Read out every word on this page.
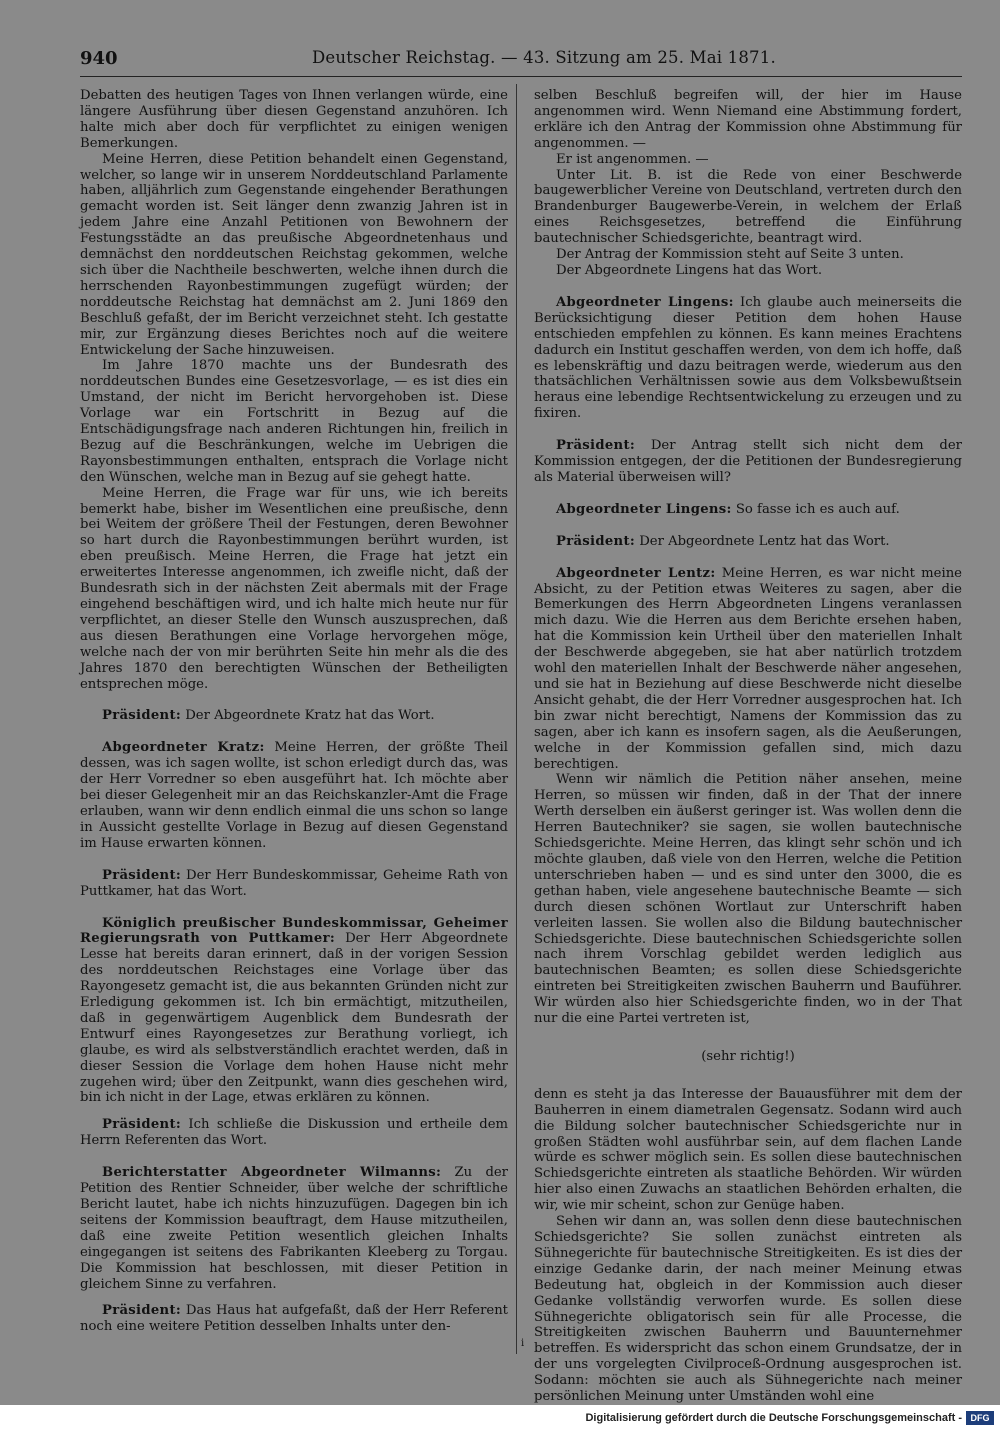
940	Deutscher Reichstag. — 43. Sitzung am 25. Mai 1871.

Debatten des heutigen Tages von Ihnen verlangen würde, eine längere Ausführung über diesen Gegenstand anzuhören. Ich halte mich aber doch für verpflichtet zu einigen wenigen Bemerkungen.

Meine Herren, diese Petition behandelt einen Gegenstand, welcher, so lange wir in unserem Norddeutschland Parlamente haben, alljährlich zum Gegenstande eingehender Berathungen gemacht worden ist. Seit länger denn zwanzig Jahren ist in jedem Jahre eine Anzahl Petitionen von Bewohnern der Festungsstädte an das preußische Abgeordnetenhaus und demnächst den norddeutschen Reichstag gekommen, welche sich über die Nachtheile beschwerten, welche ihnen durch die herrschenden Rayonbestimmungen zugefügt würden; der norddeutsche Reichstag hat demnächst am 2. Juni 1869 den Beschluß gefaßt, der im Bericht verzeichnet steht. Ich gestatte mir, zur Ergänzung dieses Berichtes noch auf die weitere Entwickelung der Sache hinzuweisen.

Im Jahre 1870 machte uns der Bundesrath des norddeutschen Bundes eine Gesetzesvorlage, — es ist dies ein Umstand, der nicht im Bericht hervorgehoben ist. Diese Vorlage war ein Fortschritt in Bezug auf die Entschädigungsfrage nach anderen Richtungen hin, freilich in Bezug auf die Beschränkungen, welche im Uebrigen die Rayonsbestimmungen enthalten, entsprach die Vorlage nicht den Wünschen, welche man in Bezug auf sie gehegt hatte.

Meine Herren, die Frage war für uns, wie ich bereits bemerkt habe, bisher im Wesentlichen eine preußische, denn bei Weitem der größere Theil der Festungen, deren Bewohner so hart durch die Rayonbestimmungen berührt wurden, ist eben preußisch. Meine Herren, die Frage hat jetzt ein erweitertes Interesse angenommen, ich zweifle nicht, daß der Bundesrath sich in der nächsten Zeit abermals mit der Frage eingehend beschäftigen wird, und ich halte mich heute nur für verpflichtet, an dieser Stelle den Wunsch auszusprechen, daß aus diesen Berathungen eine Vorlage hervorgehen möge, welche nach der von mir berührten Seite hin mehr als die des Jahres 1870 den berechtigten Wünschen der Betheiligten entsprechen möge.

Präsident: Der Abgeordnete Kratz hat das Wort.

Abgeordneter Kratz: Meine Herren, der größte Theil dessen, was ich sagen wollte, ist schon erledigt durch das, was der Herr Vorredner so eben ausgeführt hat. Ich möchte aber bei dieser Gelegenheit mir an das Reichskanzler-Amt die Frage erlauben, wann wir denn endlich einmal die uns schon so lange in Aussicht gestellte Vorlage in Bezug auf diesen Gegenstand im Hause erwarten können.

Präsident: Der Herr Bundeskommissar, Geheime Rath von Puttkamer, hat das Wort.

Königlich preußischer Bundeskommissar, Geheimer Regierungsrath von Puttkamer: Der Herr Abgeordnete Lesse hat bereits daran erinnert, daß in der vorigen Session des norddeutschen Reichstages eine Vorlage über das Rayongesetz gemacht ist, die aus bekannten Gründen nicht zur Erledigung gekommen ist. Ich bin ermächtigt, mitzutheilen, daß in gegenwärtigem Augenblick dem Bundesrath der Entwurf eines Rayongesetzes zur Berathung vorliegt, ich glaube, es wird als selbstverständlich erachtet werden, daß in dieser Session die Vorlage dem hohen Hause nicht mehr zugehen wird; über den Zeitpunkt, wann dies geschehen wird, bin ich nicht in der Lage, etwas erklären zu können.

Präsident: Ich schließe die Diskussion und ertheile dem Herrn Referenten das Wort.

Berichterstatter Abgeordneter Wilmanns: Zu der Petition des Rentier Schneider, über welche der schriftliche Bericht lautet, habe ich nichts hinzuzufügen. Dagegen bin ich seitens der Kommission beauftragt, dem Hause mitzutheilen, daß eine zweite Petition wesentlich gleichen Inhalts eingegangen ist seitens des Fabrikanten Kleeberg zu Torgau. Die Kommission hat beschlossen, mit dieser Petition in gleichem Sinne zu verfahren.

Präsident: Das Haus hat aufgefaßt, daß der Herr Referent noch eine weitere Petition desselben Inhalts unter den-

selben Beschluß begreifen will, der hier im Hause angenommen wird. Wenn Niemand eine Abstimmung fordert, erkläre ich den Antrag der Kommission ohne Abstimmung für angenommen. —

Er ist angenommen. —

Unter Lit. B. ist die Rede von einer Beschwerde baugewerblicher Vereine von Deutschland, vertreten durch den Brandenburger Baugewerbe-Verein, in welchem der Erlaß eines Reichsgesetzes, betreffend die Einführung bautechnischer Schiedsgerichte, beantragt wird.

Der Antrag der Kommission steht auf Seite 3 unten.

Der Abgeordnete Lingens hat das Wort.

Abgeordneter Lingens: Ich glaube auch meinerseits die Berücksichtigung dieser Petition dem hohen Hause entschieden empfehlen zu können. Es kann meines Erachtens dadurch ein Institut geschaffen werden, von dem ich hoffe, daß es lebenskräftig und dazu beitragen werde, wiederum aus den thatsächlichen Verhältnissen sowie aus dem Volksbewußtsein heraus eine lebendige Rechtsentwickelung zu erzeugen und zu fixiren.

Präsident: Der Antrag stellt sich nicht dem der Kommission entgegen, der die Petitionen der Bundesregierung als Material überweisen will?

Abgeordneter Lingens: So fasse ich es auch auf.

Präsident: Der Abgeordnete Lentz hat das Wort.

Abgeordneter Lentz: Meine Herren, es war nicht meine Absicht, zu der Petition etwas Weiteres zu sagen, aber die Bemerkungen des Herrn Abgeordneten Lingens veranlassen mich dazu. Wie die Herren aus dem Berichte ersehen haben, hat die Kommission kein Urtheil über den materiellen Inhalt der Beschwerde abgegeben, sie hat aber natürlich trotzdem wohl den materiellen Inhalt der Beschwerde näher angesehen, und sie hat in Beziehung auf diese Beschwerde nicht dieselbe Ansicht gehabt, die der Herr Vorredner ausgesprochen hat. Ich bin zwar nicht berechtigt, Namens der Kommission das zu sagen, aber ich kann es insofern sagen, als die Aeußerungen, welche in der Kommission gefallen sind, mich dazu berechtigen.

Wenn wir nämlich die Petition näher ansehen, meine Herren, so müssen wir finden, daß in der That der innere Werth derselben ein äußerst geringer ist. Was wollen denn die Herren Bautechniker? sie sagen, sie wollen bautechnische Schiedsgerichte. Meine Herren, das klingt sehr schön und ich möchte glauben, daß viele von den Herren, welche die Petition unterschrieben haben — und es sind unter den 3000, die es gethan haben, viele angesehene bautechnische Beamte — sich durch diesen schönen Wortlaut zur Unterschrift haben verleiten lassen. Sie wollen also die Bildung bautechnischer Schiedsgerichte. Diese bautechnischen Schiedsgerichte sollen nach ihrem Vorschlag gebildet werden lediglich aus bautechnischen Beamten; es sollen diese Schiedsgerichte eintreten bei Streitigkeiten zwischen Bauherrn und Bauführer. Wir würden also hier Schiedsgerichte finden, wo in der That nur die eine Partei vertreten ist,

(sehr richtig!)

denn es steht ja das Interesse der Bauausführer mit dem der Bauherren in einem diametralen Gegensatz. Sodann wird auch die Bildung solcher bautechnischer Schiedsgerichte nur in großen Städten wohl ausführbar sein, auf dem flachen Lande würde es schwer möglich sein. Es sollen diese bautechnischen Schiedsgerichte eintreten als staatliche Behörden. Wir würden hier also einen Zuwachs an staatlichen Behörden erhalten, die wir, wie mir scheint, schon zur Genüge haben.

Sehen wir dann an, was sollen denn diese bautechnischen Schiedsgerichte? Sie sollen zunächst eintreten als Sühnegerichte für bautechnische Streitigkeiten. Es ist dies der einzige Gedanke darin, der nach meiner Meinung etwas Bedeutung hat, obgleich in der Kommission auch dieser Gedanke vollständig verworfen wurde. Es sollen diese Sühnegerichte obligatorisch sein für alle Processe, die Streitigkeiten zwischen Bauherrn und Bauunternehmer betreffen. Es widerspricht das schon einem Grundsatze, der in der uns vorgelegten Civilproceß-Ordnung ausgesprochen ist. Sodann: möchten sie auch als Sühnegerichte nach meiner persönlichen Meinung unter Umständen wohl eine

i
Digitalisierung gefördert durch die Deutsche Forschungsgemeinschaft - DFG
